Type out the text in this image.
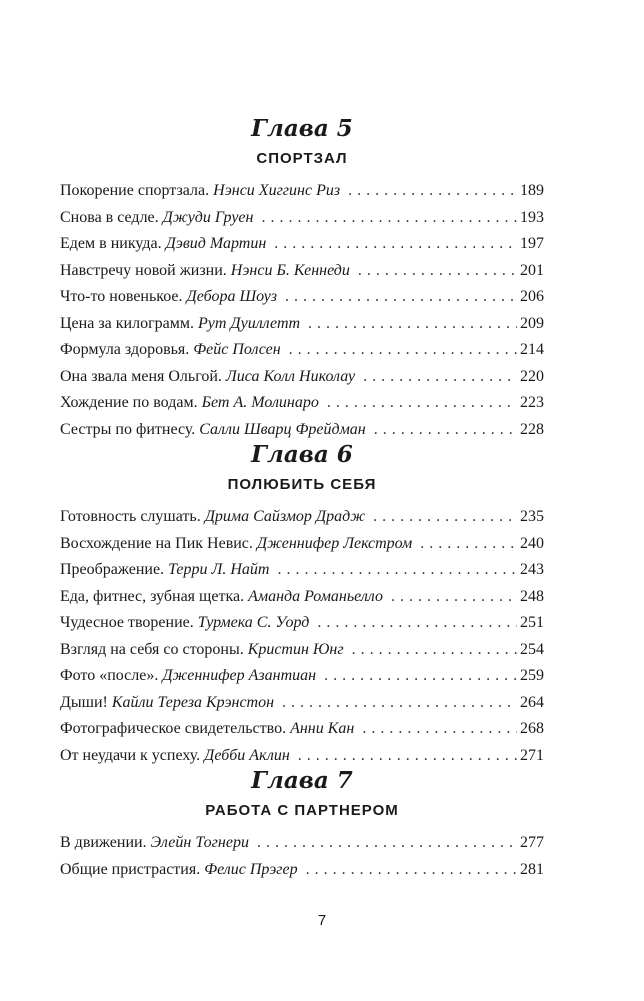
Глава 5
СПОРТЗАЛ
Покорение спортзала. Нэнси Хиггинс Риз . . .	189
Снова в седле. Джуди Груен . . .	193
Едем в никуда. Дэвид Мартин . . .	197
Навстречу новой жизни. Нэнси Б. Кеннеди . . .	201
Что-то новенькое. Дебора Шоуз . . .	206
Цена за килограмм. Рут Дуиллетт . . .	209
Формула здоровья. Фейс Полсен . . .	214
Она звала меня Ольгой. Лиса Колл Николау . . .	220
Хождение по водам. Бет А. Молинаро . . .	223
Сестры по фитнесу. Салли Шварц Фрейдман . . .	228
Глава 6
ПОЛЮБИТЬ СЕБЯ
Готовность слушать. Дрима Сайзмор Драдж . . .	235
Восхождение на Пик Невис. Дженнифер Лекстром . . .	240
Преображение. Терри Л. Найт . . .	243
Еда, фитнес, зубная щетка. Аманда Романьелло . . .	248
Чудесное творение. Турмека С. Уорд . . .	251
Взгляд на себя со стороны. Кристин Юнг . . .	254
Фото «после». Дженнифер Азантиан . . .	259
Дыши! Кайли Тереза Крэнстон . . .	264
Фотографическое свидетельство. Анни Кан . . .	268
От неудачи к успеху. Дебби Аклин . . .	271
Глава 7
РАБОТА С ПАРТНЕРОМ
В движении. Элейн Тогнери . . .	277
Общие пристрастия. Фелис Прэгер . . .	281
7
